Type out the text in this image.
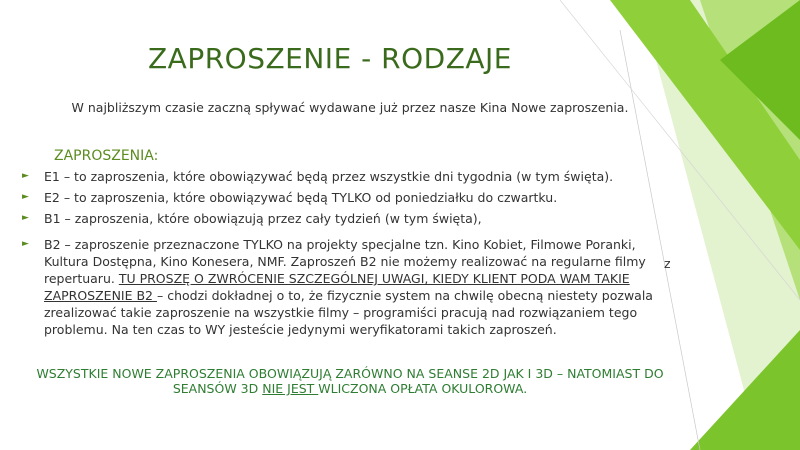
ZAPROSZENIE - RODZAJE
W najbliższym czasie zaczną spływać wydawane już przez nasze Kina Nowe zaproszenia.
ZAPROSZENIA:
► E1 – to zaproszenia, które obowiązywać będą przez wszystkie dni tygodnia (w tym święta).
► E2 – to zaproszenia, które obowiązywać będą TYLKO od poniedziałku do czwartku.
► B1 – zaproszenia, które obowiązują przez cały tydzień (w tym święta),
► B2 – zaproszenie przeznaczone TYLKO na projekty specjalne tzn. Kino Kobiet, Filmowe Poranki, Kultura Dostępna, Kino Konesera, NMF. Zaproszeń B2 nie możemy realizować na regularne filmy repertuaru. TU PROSZĘ O ZWRÓCENIE SZCZEGÓLNEJ UWAGI, KIEDY KLIENT PODA WAM TAKIE ZAPROSZENIE B2 – chodzi dokładnej o to, że fizycznie system na chwilę obecną niestety pozwala zrealizować takie zaproszenie na wszystkie filmy – programiści pracują nad rozwiązaniem tego problemu. Na ten czas to WY jesteście jedynymi weryfikatorami takich zaproszeń.
z
WSZYSTKIE NOWE ZAPROSZENIA OBOWIĄZUJĄ ZARÓWNO NA SEANSE 2D JAK I 3D – NATOMIAST DO
SEANSÓW 3D NIE JEST WLICZONA OPŁATA OKULOROWA.
